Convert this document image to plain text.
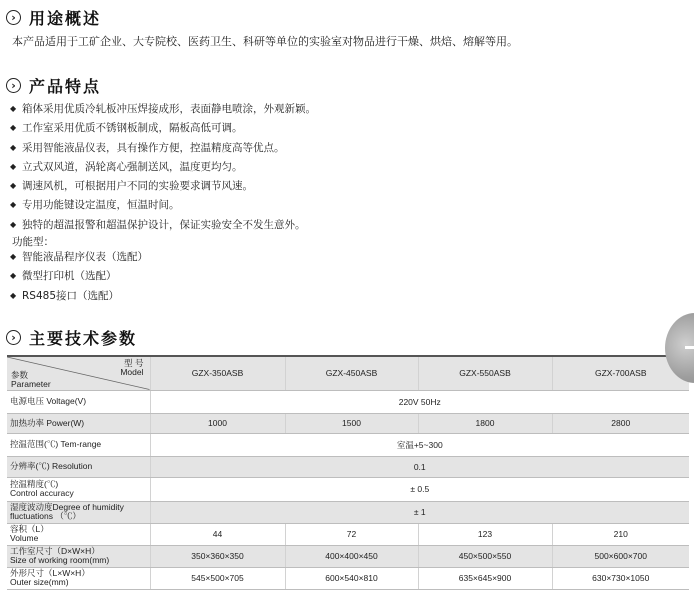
› 用途概述
本产品适用于工矿企业、大专院校、医药卫生、科研等单位的实验室对物品进行干燥、烘焙、熔解等用。
› 产品特点
◆ 箱体采用优质冷轧板冲压焊接成形，表面静电喷涂，外观新颖。
◆ 工作室采用优质不锈钢板制成，隔板高低可调。
◆ 采用智能液晶仪表，具有操作方便，控温精度高等优点。
◆ 立式双风道，涡轮离心强制送风，温度更均匀。
◆ 调速风机，可根据用户不同的实验要求调节风速。
◆ 专用功能键设定温度，恒温时间。
◆ 独特的超温报警和超温保护设计，保证实验安全不发生意外。
功能型：
◆ 智能液晶程序仪表（选配）
◆ 微型打印机（选配）
◆ RS485接口（选配）
› 主要技术参数
型 号
Model
参数
Parameter	GZX-350ASB	GZX-450ASB	GZX-550ASB	GZX-700ASB

电源电压 Voltage(V)	220V 50Hz			

加热功率 Power(W)	1000	1500	1800	2800

控温范围(℃) Tem-range	室温+5~300			

分辨率(℃) Resolution	0.1			

控温精度(℃)
Control accuracy	± 0.5			

湿度波动度Degree of humidity
fluctuations （℃）	± 1			

容积（L）
Volume	44	72	123	210

工作室尺寸（D×W×H）
Size of working room(mm)	350×360×350	400×400×450	450×500×550	500×600×700

外形尺寸（L×W×H）
Outer size(mm)	545×500×705	600×540×810	635×645×900	630×730×1050
